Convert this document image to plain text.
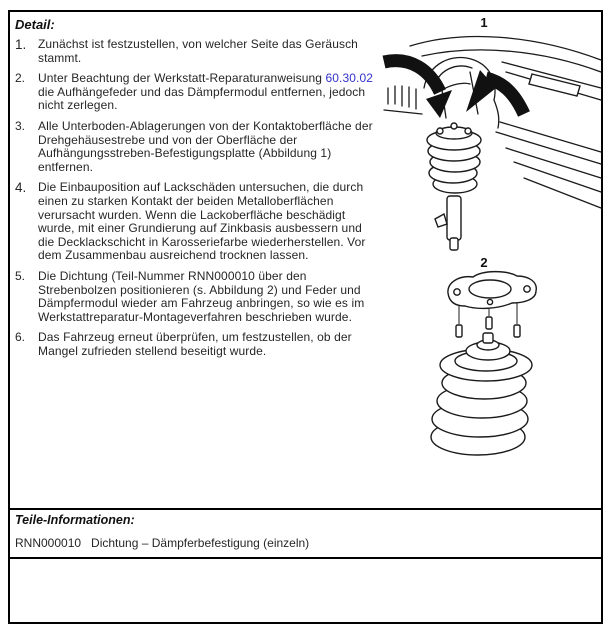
Detail:
1. Zunächst ist festzustellen, von welcher Seite das Geräusch stammt.
2.	Unter Beachtung der Werkstatt-Reparaturanweisung 60.30.02 die Aufhängefeder und das Dämpfermodul entfernen, jedoch nicht zerlegen.
3.	Alle Unterboden-Ablagerungen von der Kontaktoberfläche der Drehgehäusestrebe und von der Oberfläche der Aufhängungsstreben-Befestigungsplatte (Abbildung 1) entfernen.
4. Die Einbauposition auf Lackschäden untersuchen, die durch einen zu starken Kontakt der beiden Metalloberflächen verursacht wurden. Wenn die Lackoberfläche beschädigt wurde, mit einer Grundierung auf Zinkbasis ausbessern und die Decklackschicht in Karosseriefarbe wiederherstellen. Vor dem Zusammenbau ausreichend trocknen lassen.
5.	Die Dichtung (Teil-Nummer RNN000010 über den Strebenbolzen positionieren (s. Abbildung 2) und Feder und Dämpfermodul wieder am Fahrzeug anbringen, so wie es im Werkstattreparatur-Montageverfahren beschrieben wurde.
6.	Das Fahrzeug erneut überprüfen, um festzustellen, ob der Mangel zufrieden stellend beseitigt wurde.
1
2
Teile-Informationen:
RNN000010 Dichtung – Dämpferbefestigung (einzeln)
